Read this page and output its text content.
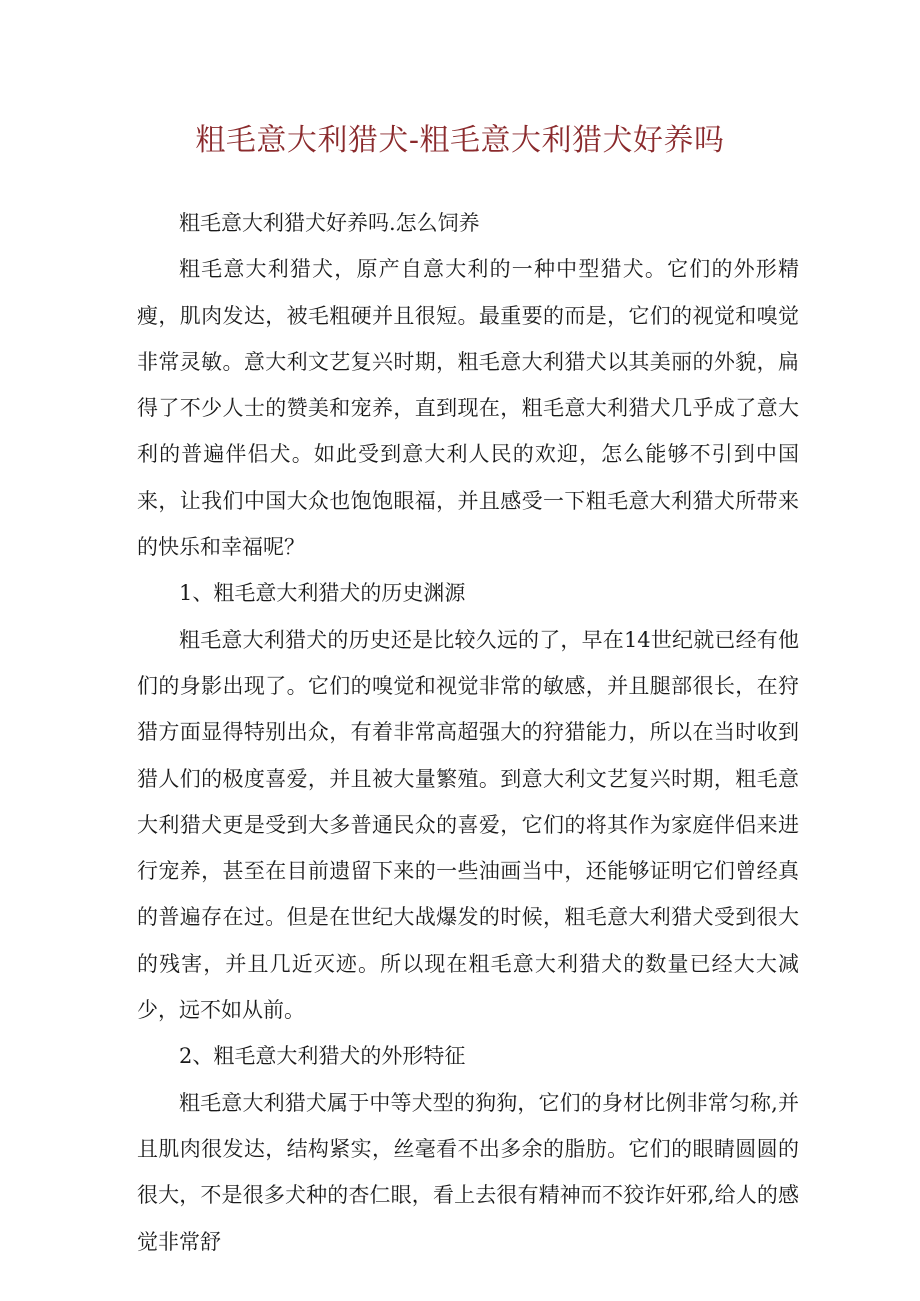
粗毛意大利猎犬-粗毛意大利猎犬好养吗

粗毛意大利猎犬好养吗.怎么饲养

粗毛意大利猎犬，原产自意大利的一种中型猎犬。它们的外形精瘦，肌肉发达，被毛粗硬并且很短。最重要的而是，它们的视觉和嗅觉非常灵敏。意大利文艺复兴时期，粗毛意大利猎犬以其美丽的外貌，扁得了不少人士的赞美和宠养，直到现在，粗毛意大利猎犬几乎成了意大利的普遍伴侣犬。如此受到意大利人民的欢迎，怎么能够不引到中国来，让我们中国大众也饱饱眼福，并且感受一下粗毛意大利猎犬所带来的快乐和幸福呢？

1、粗毛意大利猎犬的历史渊源

粗毛意大利猎犬的历史还是比较久远的了，早在14世纪就已经有他们的身影出现了。它们的嗅觉和视觉非常的敏感，并且腿部很长，在狩猎方面显得特别出众，有着非常高超强大的狩猎能力，所以在当时收到猎人们的极度喜爱，并且被大量繁殖。到意大利文艺复兴时期，粗毛意大利猎犬更是受到大多普通民众的喜爱，它们的将其作为家庭伴侣来进行宠养，甚至在目前遗留下来的一些油画当中，还能够证明它们曾经真的普遍存在过。但是在世纪大战爆发的时候，粗毛意大利猎犬受到很大的残害，并且几近灭迹。所以现在粗毛意大利猎犬的数量已经大大减少，远不如从前。

2、粗毛意大利猎犬的外形特征

粗毛意大利猎犬属于中等犬型的狗狗，它们的身材比例非常匀称,并且肌肉很发达，结构紧实，丝毫看不出多余的脂肪。它们的眼睛圆圆的很大，不是很多犬种的杏仁眼，看上去很有精神而不狡诈奸邪,给人的感觉非常舒
